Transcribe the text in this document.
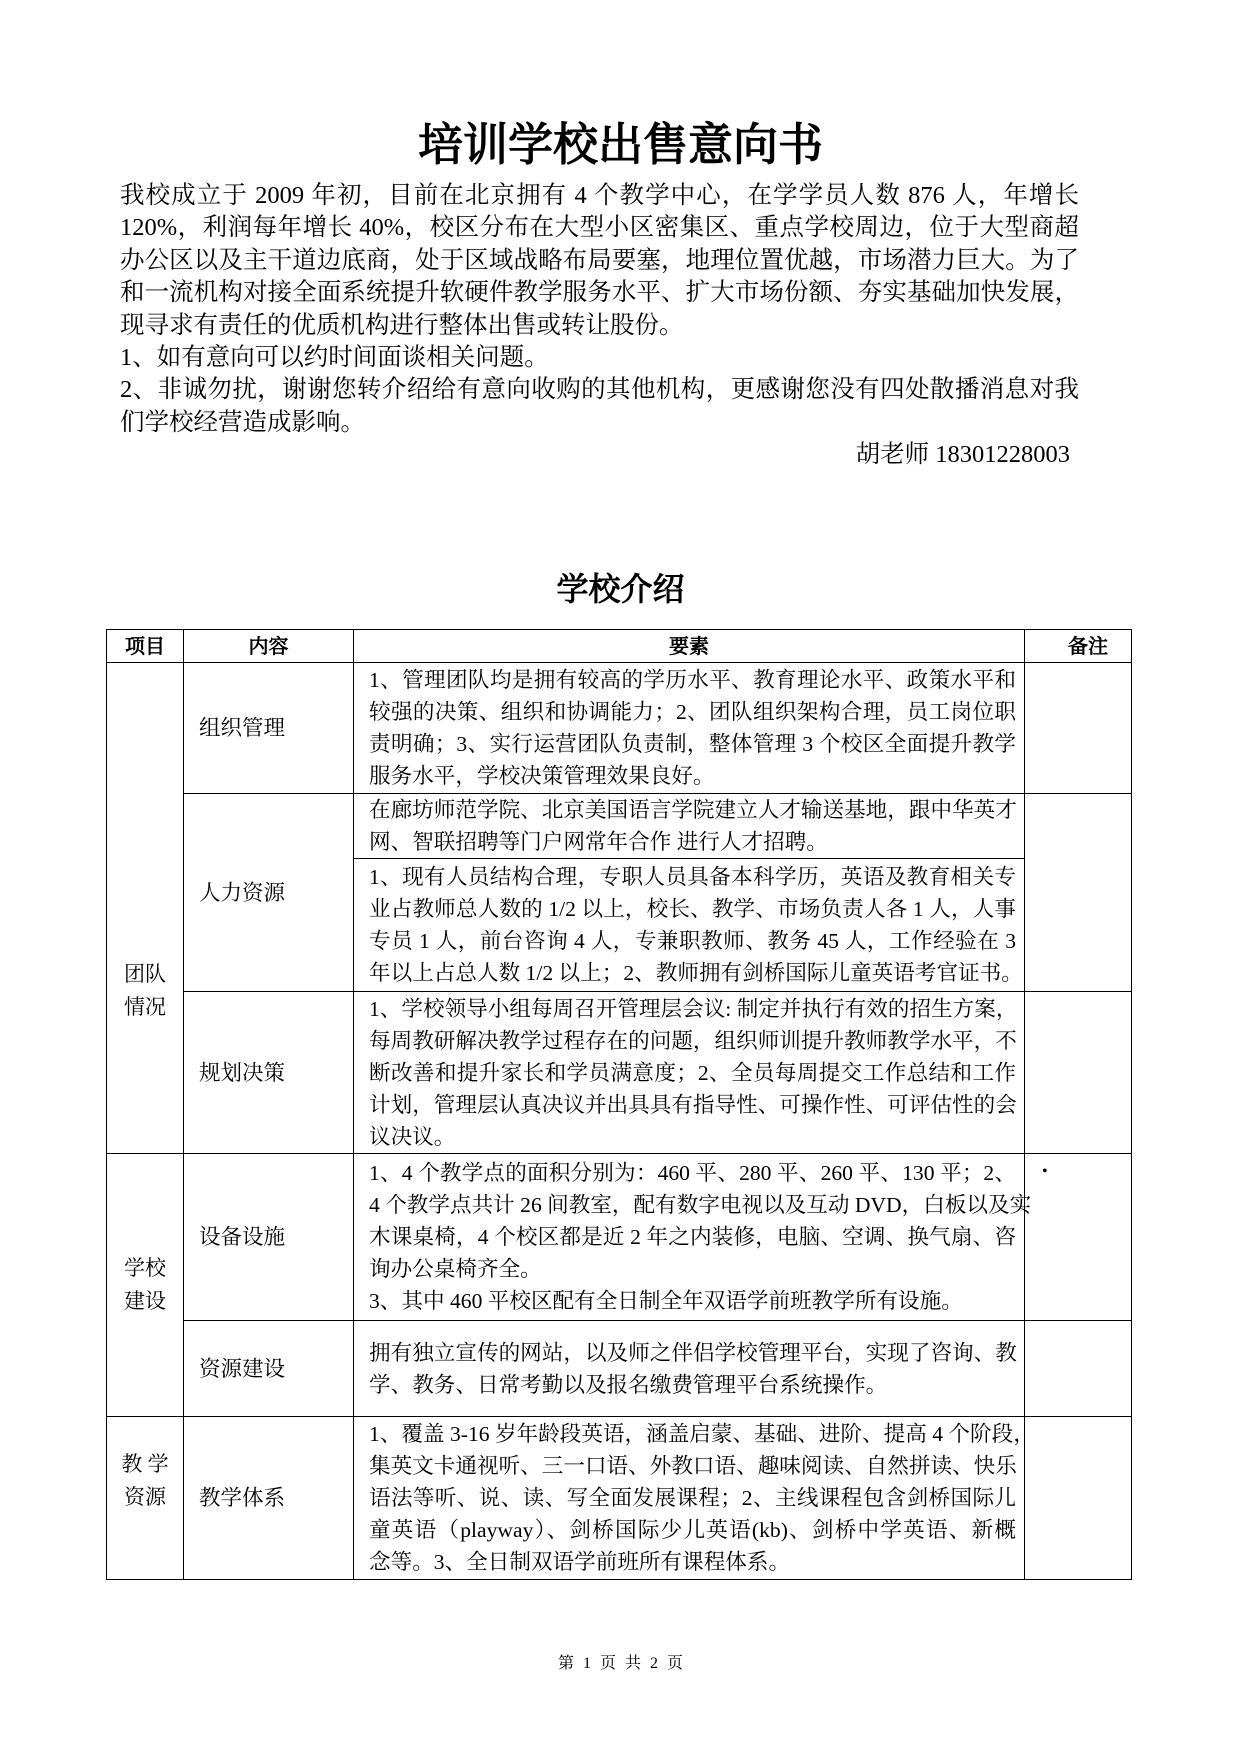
培训学校出售意向书
我校成立于 2009 年初，目前在北京拥有 4 个教学中心，在学学员人数 876 人，年增长
120%，利润每年增长 40%，校区分布在大型小区密集区、重点学校周边，位于大型商超
办公区以及主干道边底商，处于区域战略布局要塞，地理位置优越，市场潜力巨大。为了
和一流机构对接全面系统提升软硬件教学服务水平、扩大市场份额、夯实基础加快发展，
现寻求有责任的优质机构进行整体出售或转让股份。
1、如有意向可以约时间面谈相关问题。
2、非诚勿扰，谢谢您转介绍给有意向收购的其他机构，更感谢您没有四处散播消息对我
们学校经营造成影响。
胡老师 18301228003
学校介绍
项目	内容	要素	备注

团队
情况	组织管理	1、管理团队均是拥有较高的学历水平、教育理论水平、政策水平和
较强的决策、组织和协调能力；2、团队组织架构合理，员工岗位职
责明确；3、实行运营团队负责制，整体管理 3 个校区全面提升教学
服务水平，学校决策管理效果良好。	

	人力资源	在廊坊师范学院、北京美国语言学院建立人才输送基地，跟中华英才
网、智联招聘等门户网常年合作 进行人才招聘。	

		1、现有人员结构合理，专职人员具备本科学历，英语及教育相关专
业占教师总人数的 1/2 以上，校长、教学、市场负责人各 1 人，人事
专员 1 人，前台咨询 4 人，专兼职教师、教务 45 人，工作经验在 3
年以上占总人数 1/2 以上；2、教师拥有剑桥国际儿童英语考官证书。	

	规划决策	1、学校领导小组每周召开管理层会议: 制定并执行有效的招生方案，
每周教研解决教学过程存在的问题，组织师训提升教师教学水平，不
断改善和提升家长和学员满意度；2、全员每周提交工作总结和工作
计划，管理层认真决议并出具具有指导性、可操作性、可评估性的会
议决议。	

学校
建设	设备设施	1、4 个教学点的面积分别为：460 平、280 平、260 平、130 平；2、
4 个教学点共计 26 间教室，配有数字电视以及互动 DVD，白板以及实
木课桌椅，4 个校区都是近 2 年之内装修，电脑、空调、换气扇、咨
询办公桌椅齐全。
3、其中 460 平校区配有全日制全年双语学前班教学所有设施。	•
	资源建设	拥有独立宣传的网站，以及师之伴侣学校管理平台，实现了咨询、教
学、教务、日常考勤以及报名缴费管理平台系统操作。	

教 学
资源	教学体系	1、覆盖 3-16 岁年龄段英语，涵盖启蒙、基础、进阶、提高 4 个阶段，
集英文卡通视听、三一口语、外教口语、趣味阅读、自然拼读、快乐
语法等听、说、读、写全面发展课程；2、主线课程包含剑桥国际儿
童英语（playway）、剑桥国际少儿英语(kb)、剑桥中学英语、新概
念等。3、全日制双语学前班所有课程体系。	

第 1 页 共 2 页
